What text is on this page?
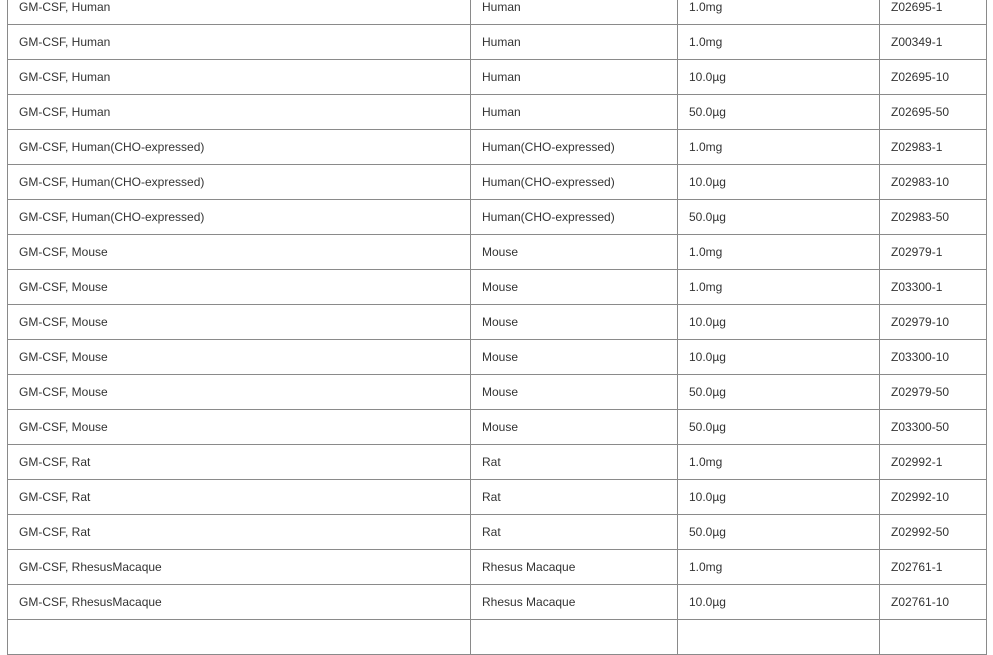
GM-CSF, Human	Human	1.0mg	Z02695-1
GM-CSF, Human	Human	1.0mg	Z00349-1
GM-CSF, Human	Human	10.0µg	Z02695-10
GM-CSF, Human	Human	50.0µg	Z02695-50
GM-CSF, Human(CHO-expressed)	Human(CHO-expressed)	1.0mg	Z02983-1
GM-CSF, Human(CHO-expressed)	Human(CHO-expressed)	10.0µg	Z02983-10
GM-CSF, Human(CHO-expressed)	Human(CHO-expressed)	50.0µg	Z02983-50
GM-CSF, Mouse	Mouse	1.0mg	Z02979-1
GM-CSF, Mouse	Mouse	1.0mg	Z03300-1
GM-CSF, Mouse	Mouse	10.0µg	Z02979-10
GM-CSF, Mouse	Mouse	10.0µg	Z03300-10
GM-CSF, Mouse	Mouse	50.0µg	Z02979-50
GM-CSF, Mouse	Mouse	50.0µg	Z03300-50
GM-CSF, Rat	Rat	1.0mg	Z02992-1
GM-CSF, Rat	Rat	10.0µg	Z02992-10
GM-CSF, Rat	Rat	50.0µg	Z02992-50
GM-CSF, RhesusMacaque	Rhesus Macaque	1.0mg	Z02761-1
GM-CSF, RhesusMacaque	Rhesus Macaque	10.0µg	Z02761-10
